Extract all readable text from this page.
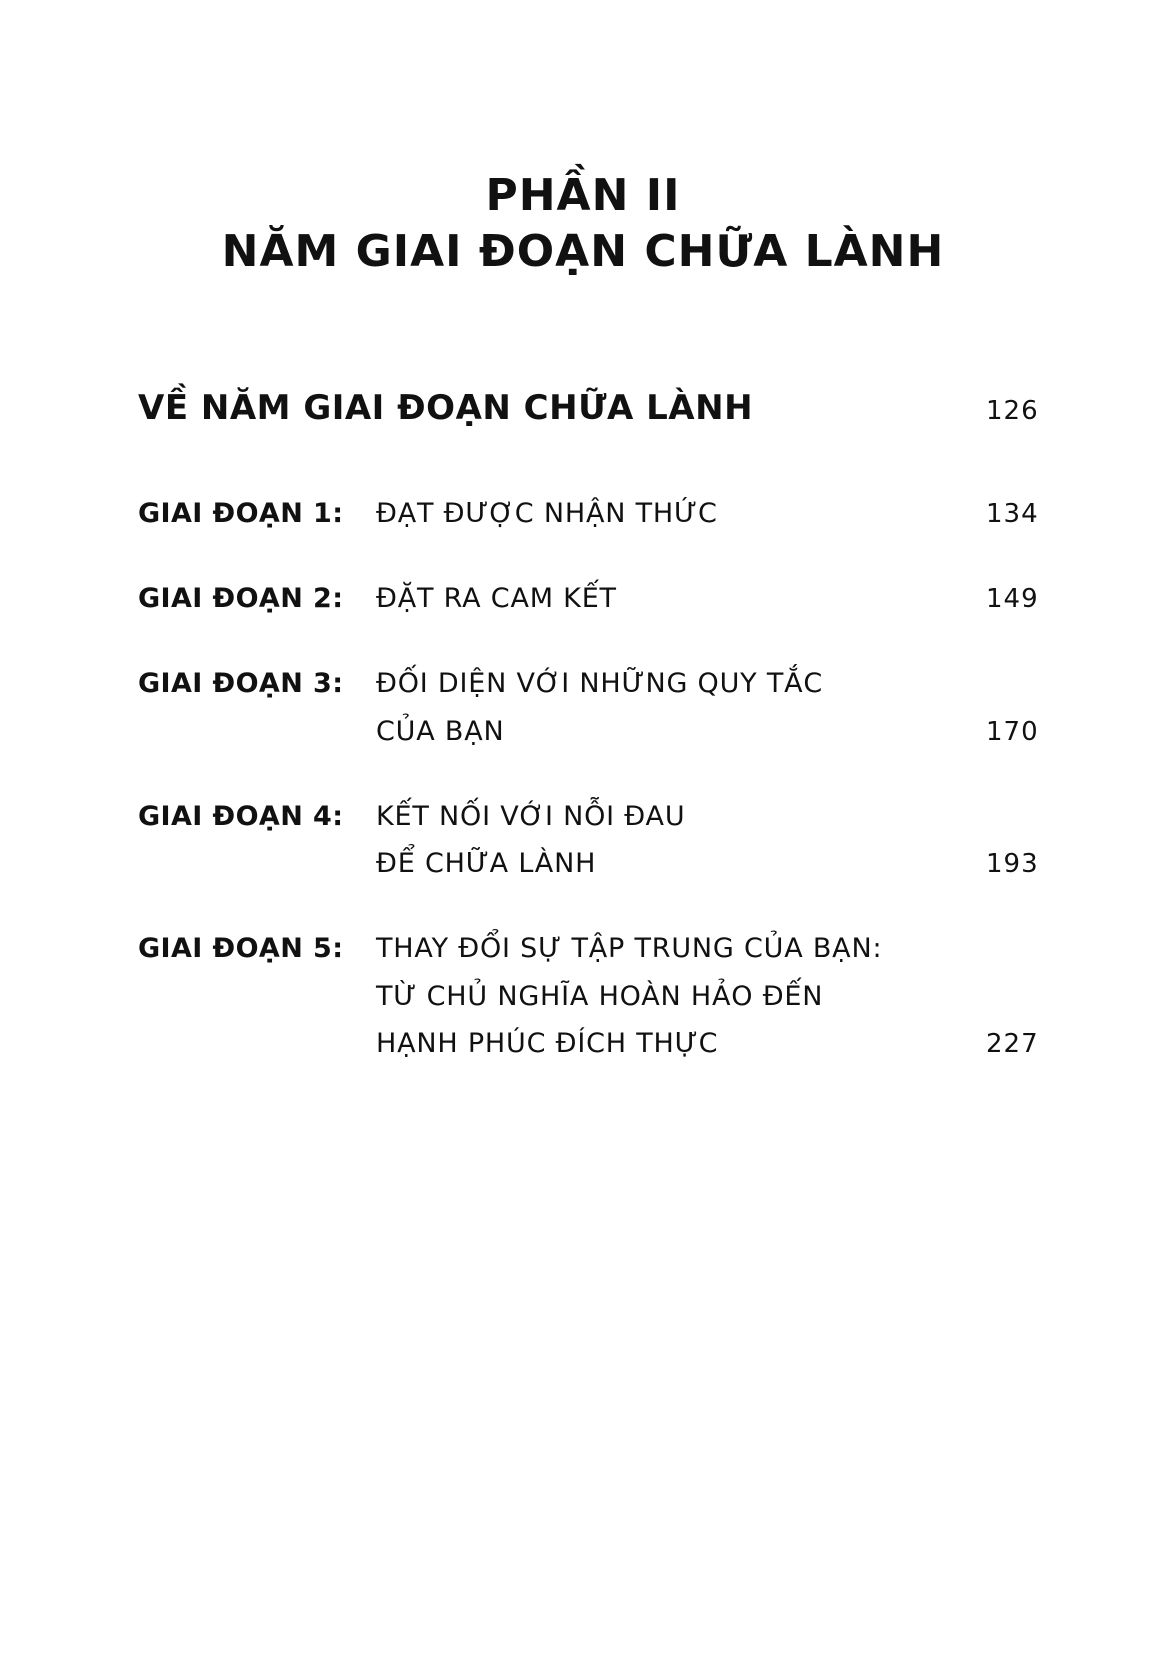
PHẦN II
NĂM GIAI ĐOẠN CHỮA LÀNH
VỀ NĂM GIAI ĐOẠN CHỮA LÀNH	126
GIAI ĐOẠN 1:	ĐẠT ĐƯỢC NHẬN THỨC	134
GIAI ĐOẠN 2:	ĐẶT RA CAM KẾT	149
GIAI ĐOẠN 3:	ĐỐI DIỆN VỚI NHỮNG QUY TẮC
CỦA BẠN	170
GIAI ĐOẠN 4:	KẾT NỐI VỚI NỖI ĐAU
ĐỂ CHỮA LÀNH	193
GIAI ĐOẠN 5:	THAY ĐỔI SỰ TẬP TRUNG CỦA BẠN:
TỪ CHỦ NGHĨA HOÀN HẢO ĐẾN
HẠNH PHÚC ĐÍCH THỰC	227
